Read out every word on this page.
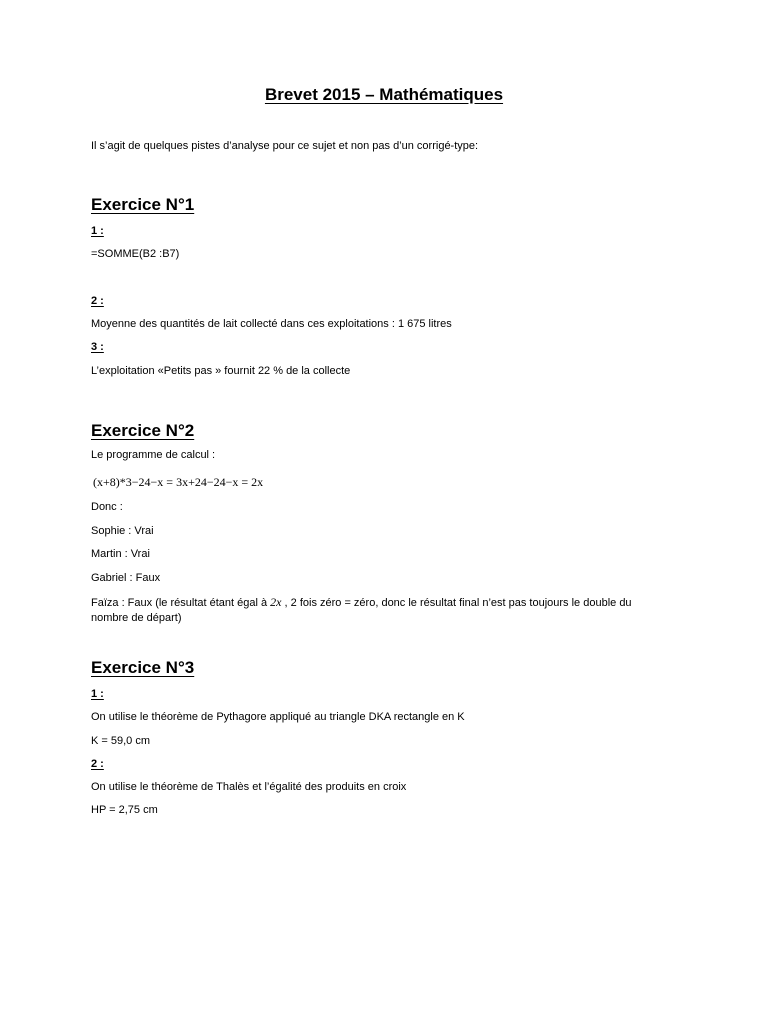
Brevet 2015 – Mathématiques
Il s’agit de quelques pistes d’analyse pour ce sujet et non pas d’un corrigé-type:
Exercice N°1
1 :
=SOMME(B2 :B7)
2 :
Moyenne des quantités de lait collecté dans ces exploitations : 1 675 litres
3 :
L’exploitation «Petits pas » fournit 22 % de la collecte
Exercice N°2
Le programme de calcul :
(x+8)*3−24−x = 3x+24−24−x = 2x
Donc :
Sophie : Vrai
Martin : Vrai
Gabriel : Faux
Faïza : Faux (le résultat étant égal à 2x , 2 fois zéro = zéro, donc le résultat final n’est pas toujours le double du nombre de départ)
Exercice N°3
1 :
On utilise le théorème de Pythagore appliqué au triangle DKA rectangle en K
K = 59,0 cm
2 :
On utilise le théorème de Thalès et l’égalité des produits en croix
HP = 2,75 cm
